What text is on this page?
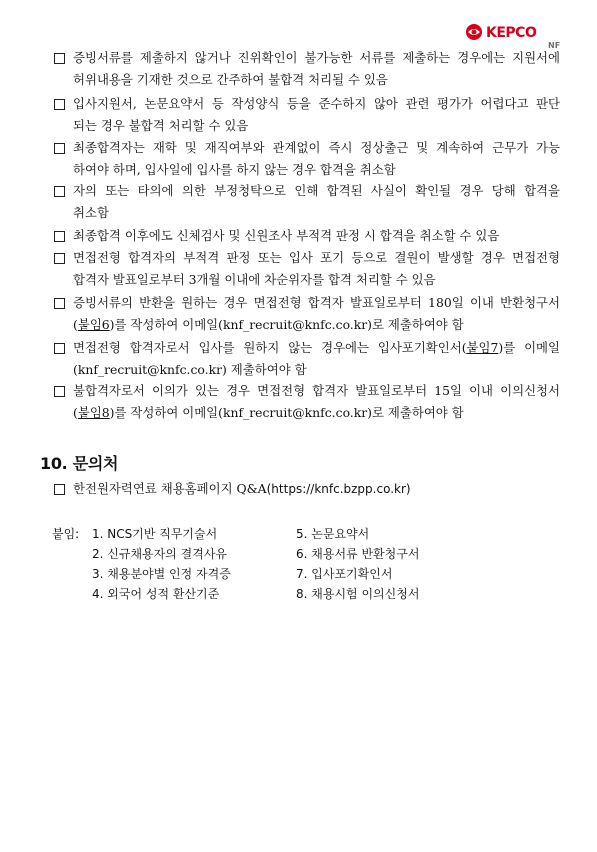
KEPCO
NF
증빙서류를 제출하지 않거나 진위확인이 불가능한 서류를 제출하는 경우에는 지원서에
허위내용을 기재한 것으로 간주하여 불합격 처리될 수 있음
입사지원서, 논문요약서 등 작성양식 등을 준수하지 않아 관련 평가가 어렵다고 판단
되는 경우 불합격 처리할 수 있음
최종합격자는 재학 및 재직여부와 관계없이 즉시 정상출근 및 계속하여 근무가 가능
하여야 하며, 입사일에 입사를 하지 않는 경우 합격을 취소함
자의 또는 타의에 의한 부정청탁으로 인해 합격된 사실이 확인될 경우 당해 합격을
취소함
최종합격 이후에도 신체검사 및 신원조사 부적격 판정 시 합격을 취소할 수 있음
면접전형 합격자의 부적격 판정 또는 입사 포기 등으로 결원이 발생할 경우 면접전형
합격자 발표일로부터 3개월 이내에 차순위자를 합격 처리할 수 있음
증빙서류의 반환을 원하는 경우 면접전형 합격자 발표일로부터 180일 이내 반환청구서
(붙임6)를 작성하여 이메일(knf_recruit@knfc.co.kr)로 제출하여야 함
면접전형 합격자로서 입사를 원하지 않는 경우에는 입사포기확인서(붙임7)를 이메일
(knf_recruit@knfc.co.kr) 제출하여야 함
불합격자로서 이의가 있는 경우 면접전형 합격자 발표일로부터 15일 이내 이의신청서
(붙임8)를 작성하여 이메일(knf_recruit@knfc.co.kr)로 제출하여야 함
10. 문의처
한전원자력연료 채용홈페이지 Q&A(https://knfc.bzpp.co.kr)
붙임: 1. NCS기반 직무기술서
2. 신규채용자의 결격사유
3. 채용분야별 인정 자격증
4. 외국어 성적 환산기준
5. 논문요약서
6. 채용서류 반환청구서
7. 입사포기확인서
8. 채용시험 이의신청서
